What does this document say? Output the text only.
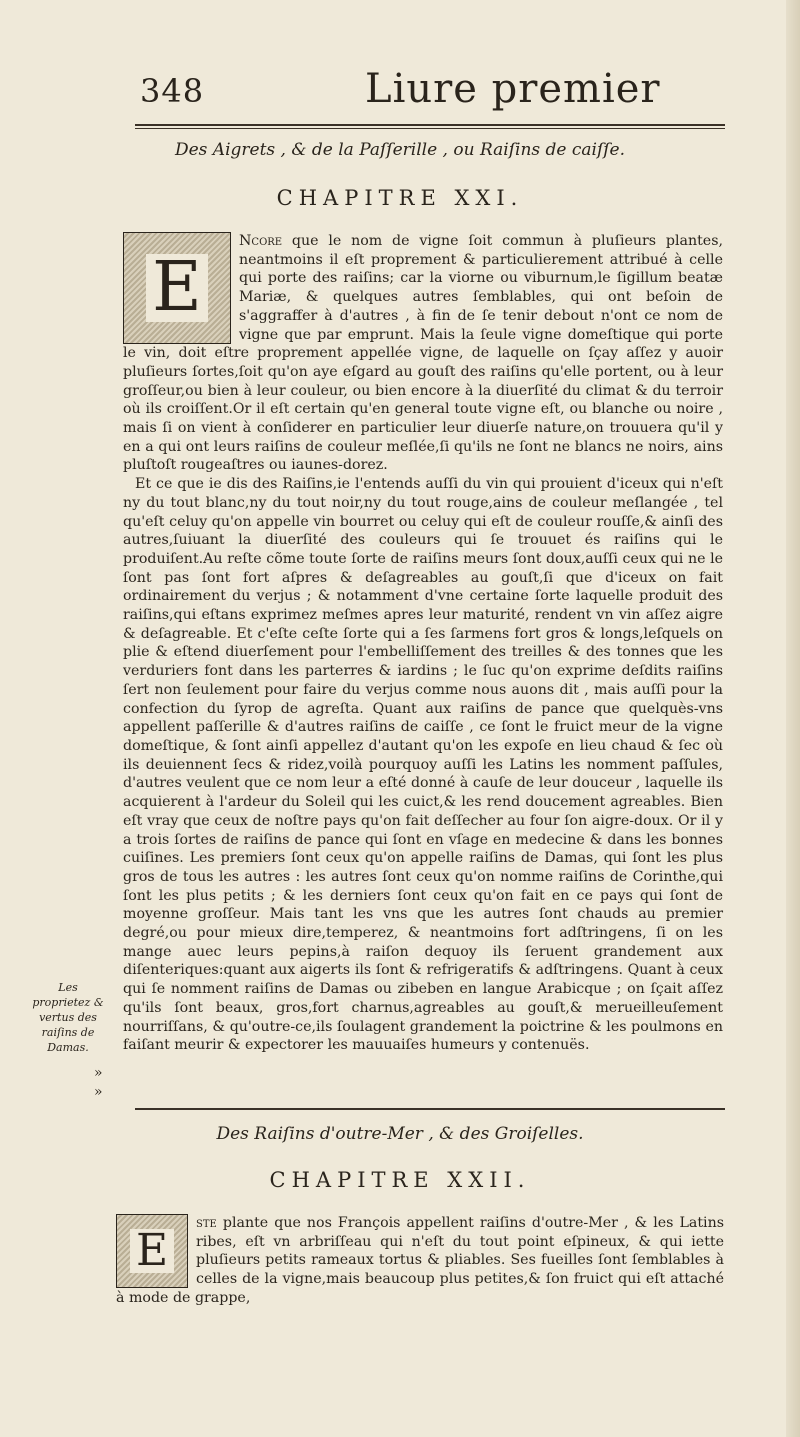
348	Liure premier
Des Aigrets , & de la Paſſerille , ou Raiſins de caiſſe.
CHAPITRE XXI.

E
Ncore que le nom de vigne ſoit commun à pluſieurs plantes, neantmoins il eſt proprement & particulierement attribué à celle qui porte des raiſins; car la viorne ou viburnum,le ſigillum beatæ Mariæ, & quelques autres ſemblables, qui ont beſoin de s'aggraffer à d'autres , à fin de ſe tenir debout n'ont ce nom de vigne que par emprunt. Mais la ſeule vigne domeſtique qui porte le vin, doit eſtre proprement appellée vigne, de laquelle on ſçay aſſez y auoir pluſieurs ſortes,ſoit qu'on aye eſgard au gouſt des raiſins qu'elle portent, ou à leur groſſeur,ou bien à leur couleur, ou bien encore à la diuerſité du climat & du terroir où ils croiſſent.Or il eſt certain qu'en general toute vigne eſt, ou blanche ou noire , mais ſi on vient à conſiderer en particulier leur diuerſe nature,on trouuera qu'il y en a qui ont leurs raiſins de couleur meſlée,ſi qu'ils ne ſont ne blancs ne noirs, ains pluſtoſt rougeaſtres ou iaunes-dorez.

Et ce que ie dis des Raiſins,ie l'entends auſſi du vin qui prouient d'iceux qui n'eſt ny du tout blanc,ny du tout noir,ny du tout rouge,ains de couleur meſlangée , tel qu'eſt celuy qu'on appelle vin bourret ou celuy qui eſt de couleur rouſſe,& ainſi des autres,ſuiuant la diuerſité des couleurs qui ſe trouuet és raiſins qui le produiſent.Au reſte cõme toute ſorte de raiſins meurs ſont doux,auſſi ceux qui ne le ſont pas ſont fort aſpres & deſagreables au gouſt,ſi que d'iceux on fait ordinairement du verjus ; & notamment d'vne certaine ſorte laquelle produit des raiſins,qui eſtans exprimez meſmes apres leur maturité, rendent vn vin aſſez aigre & deſagreable. Et c'eſte ceſte ſorte qui a ſes ſarmens fort gros & longs,leſquels on plie & eſtend diuerſement pour l'embelliſſement des treilles & des tonnes que les verduriers font dans les parterres & iardins ; le ſuc qu'on exprime deſdits raiſins ſert non ſeulement pour faire du verjus comme nous auons dit , mais auſſi pour la confection du ſyrop de agreſta. Quant aux raiſins de pance que quelquès-vns appellent paſſerille & d'autres raiſins de caiſſe , ce ſont le fruict meur de la vigne domeſtique, & ſont ainſi appellez d'autant qu'on les expoſe en lieu chaud & ſec où ils deuiennent ſecs & ridez,voilà pourquoy auſſi les Latins les nomment paſſules, d'autres veulent que ce nom leur a eſté donné à cauſe de leur douceur , laquelle ils acquierent à l'ardeur du Soleil qui les cuict,& les rend doucement agreables. Bien eſt vray que ceux de noſtre pays qu'on fait deſſecher au four ſon aigre-doux. Or il y a trois ſortes de raiſins de pance qui ſont en vſage en medecine & dans les bonnes cuiſines. Les premiers ſont ceux qu'on appelle raiſins de Damas, qui ſont les plus gros de tous les autres : les autres ſont ceux qu'on nomme raiſins de Corinthe,qui ſont les plus petits ; & les derniers ſont ceux qu'on fait en ce pays qui ſont de moyenne groſſeur. Mais tant les vns que les autres ſont chauds au premier degré,ou pour mieux dire,temperez, & neantmoins fort adſtringens, ſi on les mange auec leurs pepins,à raiſon dequoy ils ſeruent grandement aux diſenteriques:quant aux aigerts ils ſont & refrigeratifs & adſtringens. Quant à ceux qui ſe nomment raiſins de Damas ou zibeben en langue Arabicque ; on ſçait aſſez qu'ils ſont beaux, gros,fort charnus,agreables au gouſt,& merueilleuſement nourriſſans, & qu'outre-ce,ils ſoulagent grandement la poictrine & les poulmons en faiſant meurir & expectorer les mauuaiſes humeurs y contenuës.

Les proprietez & vertus des raiſins de Damas.
»
»
Des Raiſins d'outre-Mer , & des Groiſelles.
CHAPITRE XXII.

E
ste plante que nos François appellent raiſins d'outre-Mer , & les Latins ribes, eſt vn arbriſſeau qui n'eſt du tout point eſpineux, & qui iette pluſieurs petits rameaux tortus & pliables. Ses fueilles ſont ſemblables à celles de la vigne,mais beaucoup plus petites,& ſon fruict qui eſt attaché à mode de grappe,
